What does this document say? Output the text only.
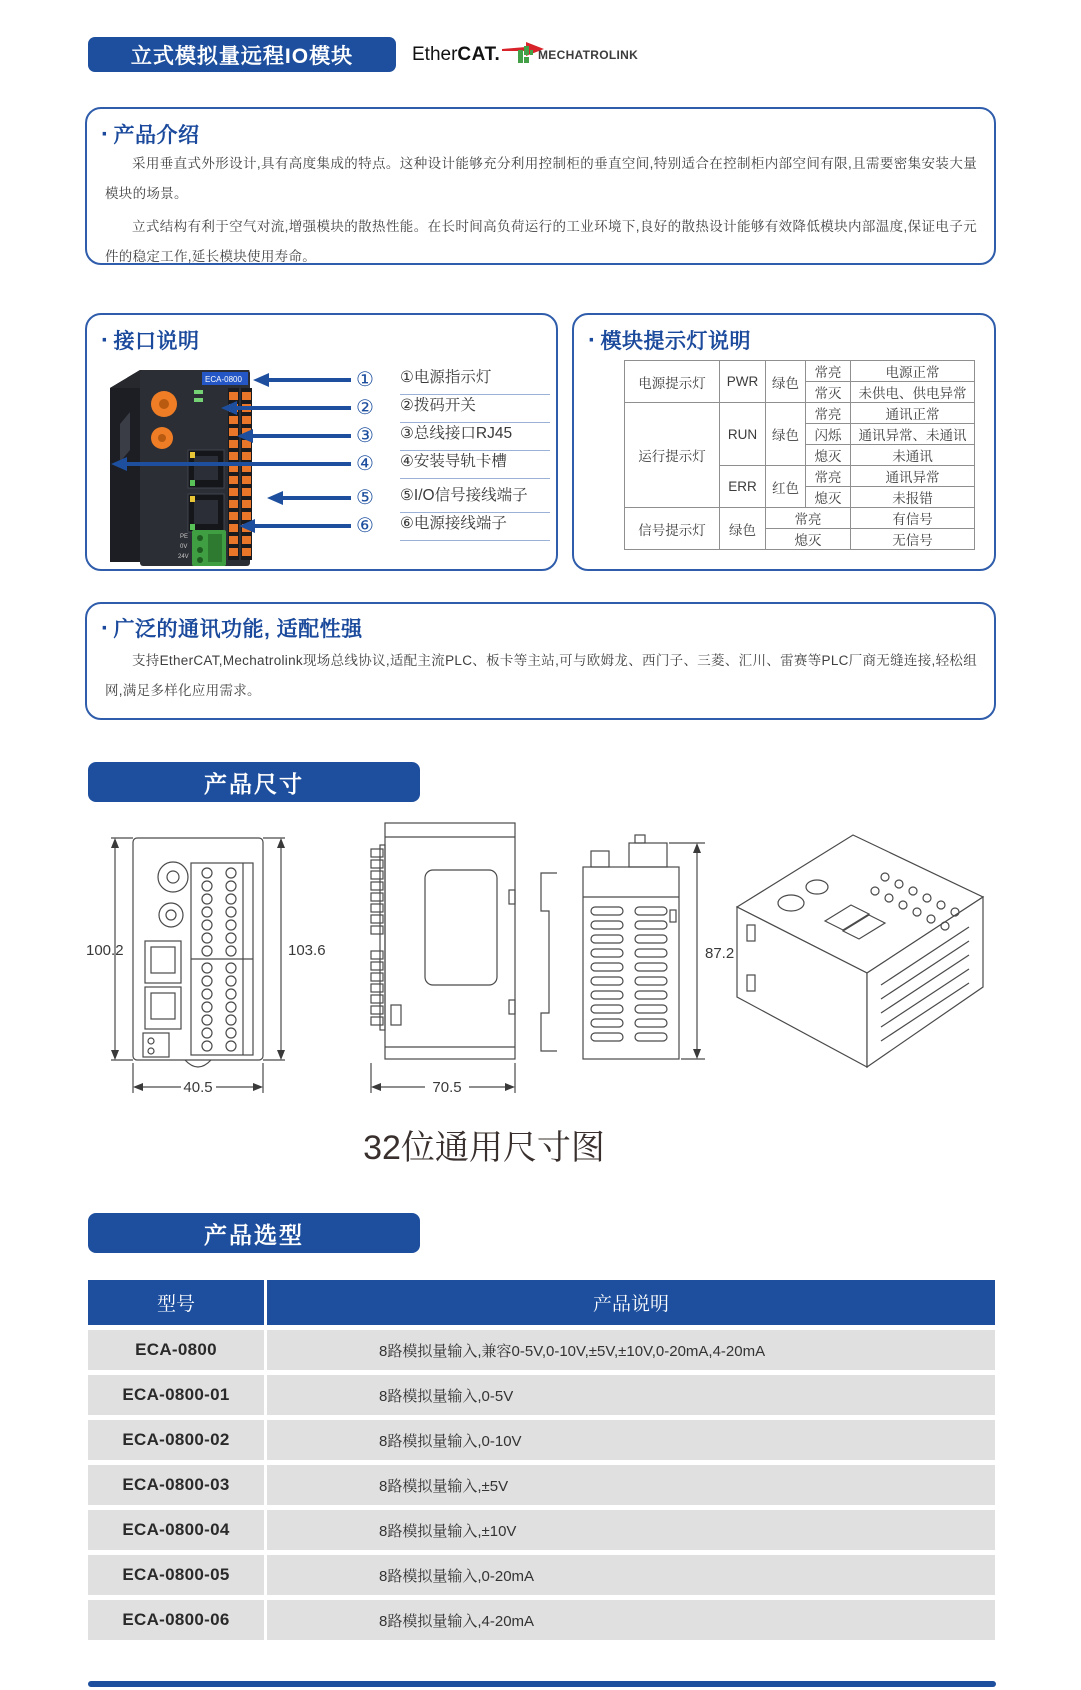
立式模拟量远程IO模块	Ether CAT.	MECHATROLINK
· 产品介绍

采用垂直式外形设计,具有高度集成的特点。这种设计能够充分利用控制柜的垂直空间,特别适合在控制柜内部空间有限,且需要密集安装大量模块的场景。

立式结构有利于空气对流,增强模块的散热性能。在长时间高负荷运行的工业环境下,良好的散热设计能够有效降低模块内部温度,保证电子元件的稳定工作,延长模块使用寿命。

· 接口说明
ECA-0800
PE
0V
24V
①
②
③
④
⑤
⑥
①电源指示灯
②拨码开关
③总线接口RJ45
④安装导轨卡槽
⑤I/O信号接线端子
⑥电源接线端子
· 模块提示灯说明
电源提示灯	PWR	绿色	常亮	电源正常
			常灭	未供电、供电异常
运行提示灯	RUN	绿色	常亮	通讯正常
			闪烁	通讯异常、未通讯
			熄灭	未通讯
	ERR	红色	常亮	通讯异常
			熄灭	未报错
信号提示灯	绿色	常亮		有信号
		熄灭		无信号
· 广泛的通讯功能, 适配性强

支持EtherCAT,Mechatrolink现场总线协议,适配主流PLC、板卡等主站,可与欧姆龙、西门子、三菱、汇川、雷赛等PLC厂商无缝连接,轻松组网,满足多样化应用需求。

产品尺寸
100.2	103.6
40.5	70.5
87.2
32位通用尺寸图
产品选型
型号	产品说明
ECA-0800	8路模拟量输入,兼容0-5V,0-10V,±5V,±10V,0-20mA,4-20mA
ECA-0800-01	8路模拟量输入,0-5V
ECA-0800-02	8路模拟量输入,0-10V
ECA-0800-03	8路模拟量输入,±5V
ECA-0800-04	8路模拟量输入,±10V
ECA-0800-05	8路模拟量输入,0-20mA
ECA-0800-06	8路模拟量输入,4-20mA
